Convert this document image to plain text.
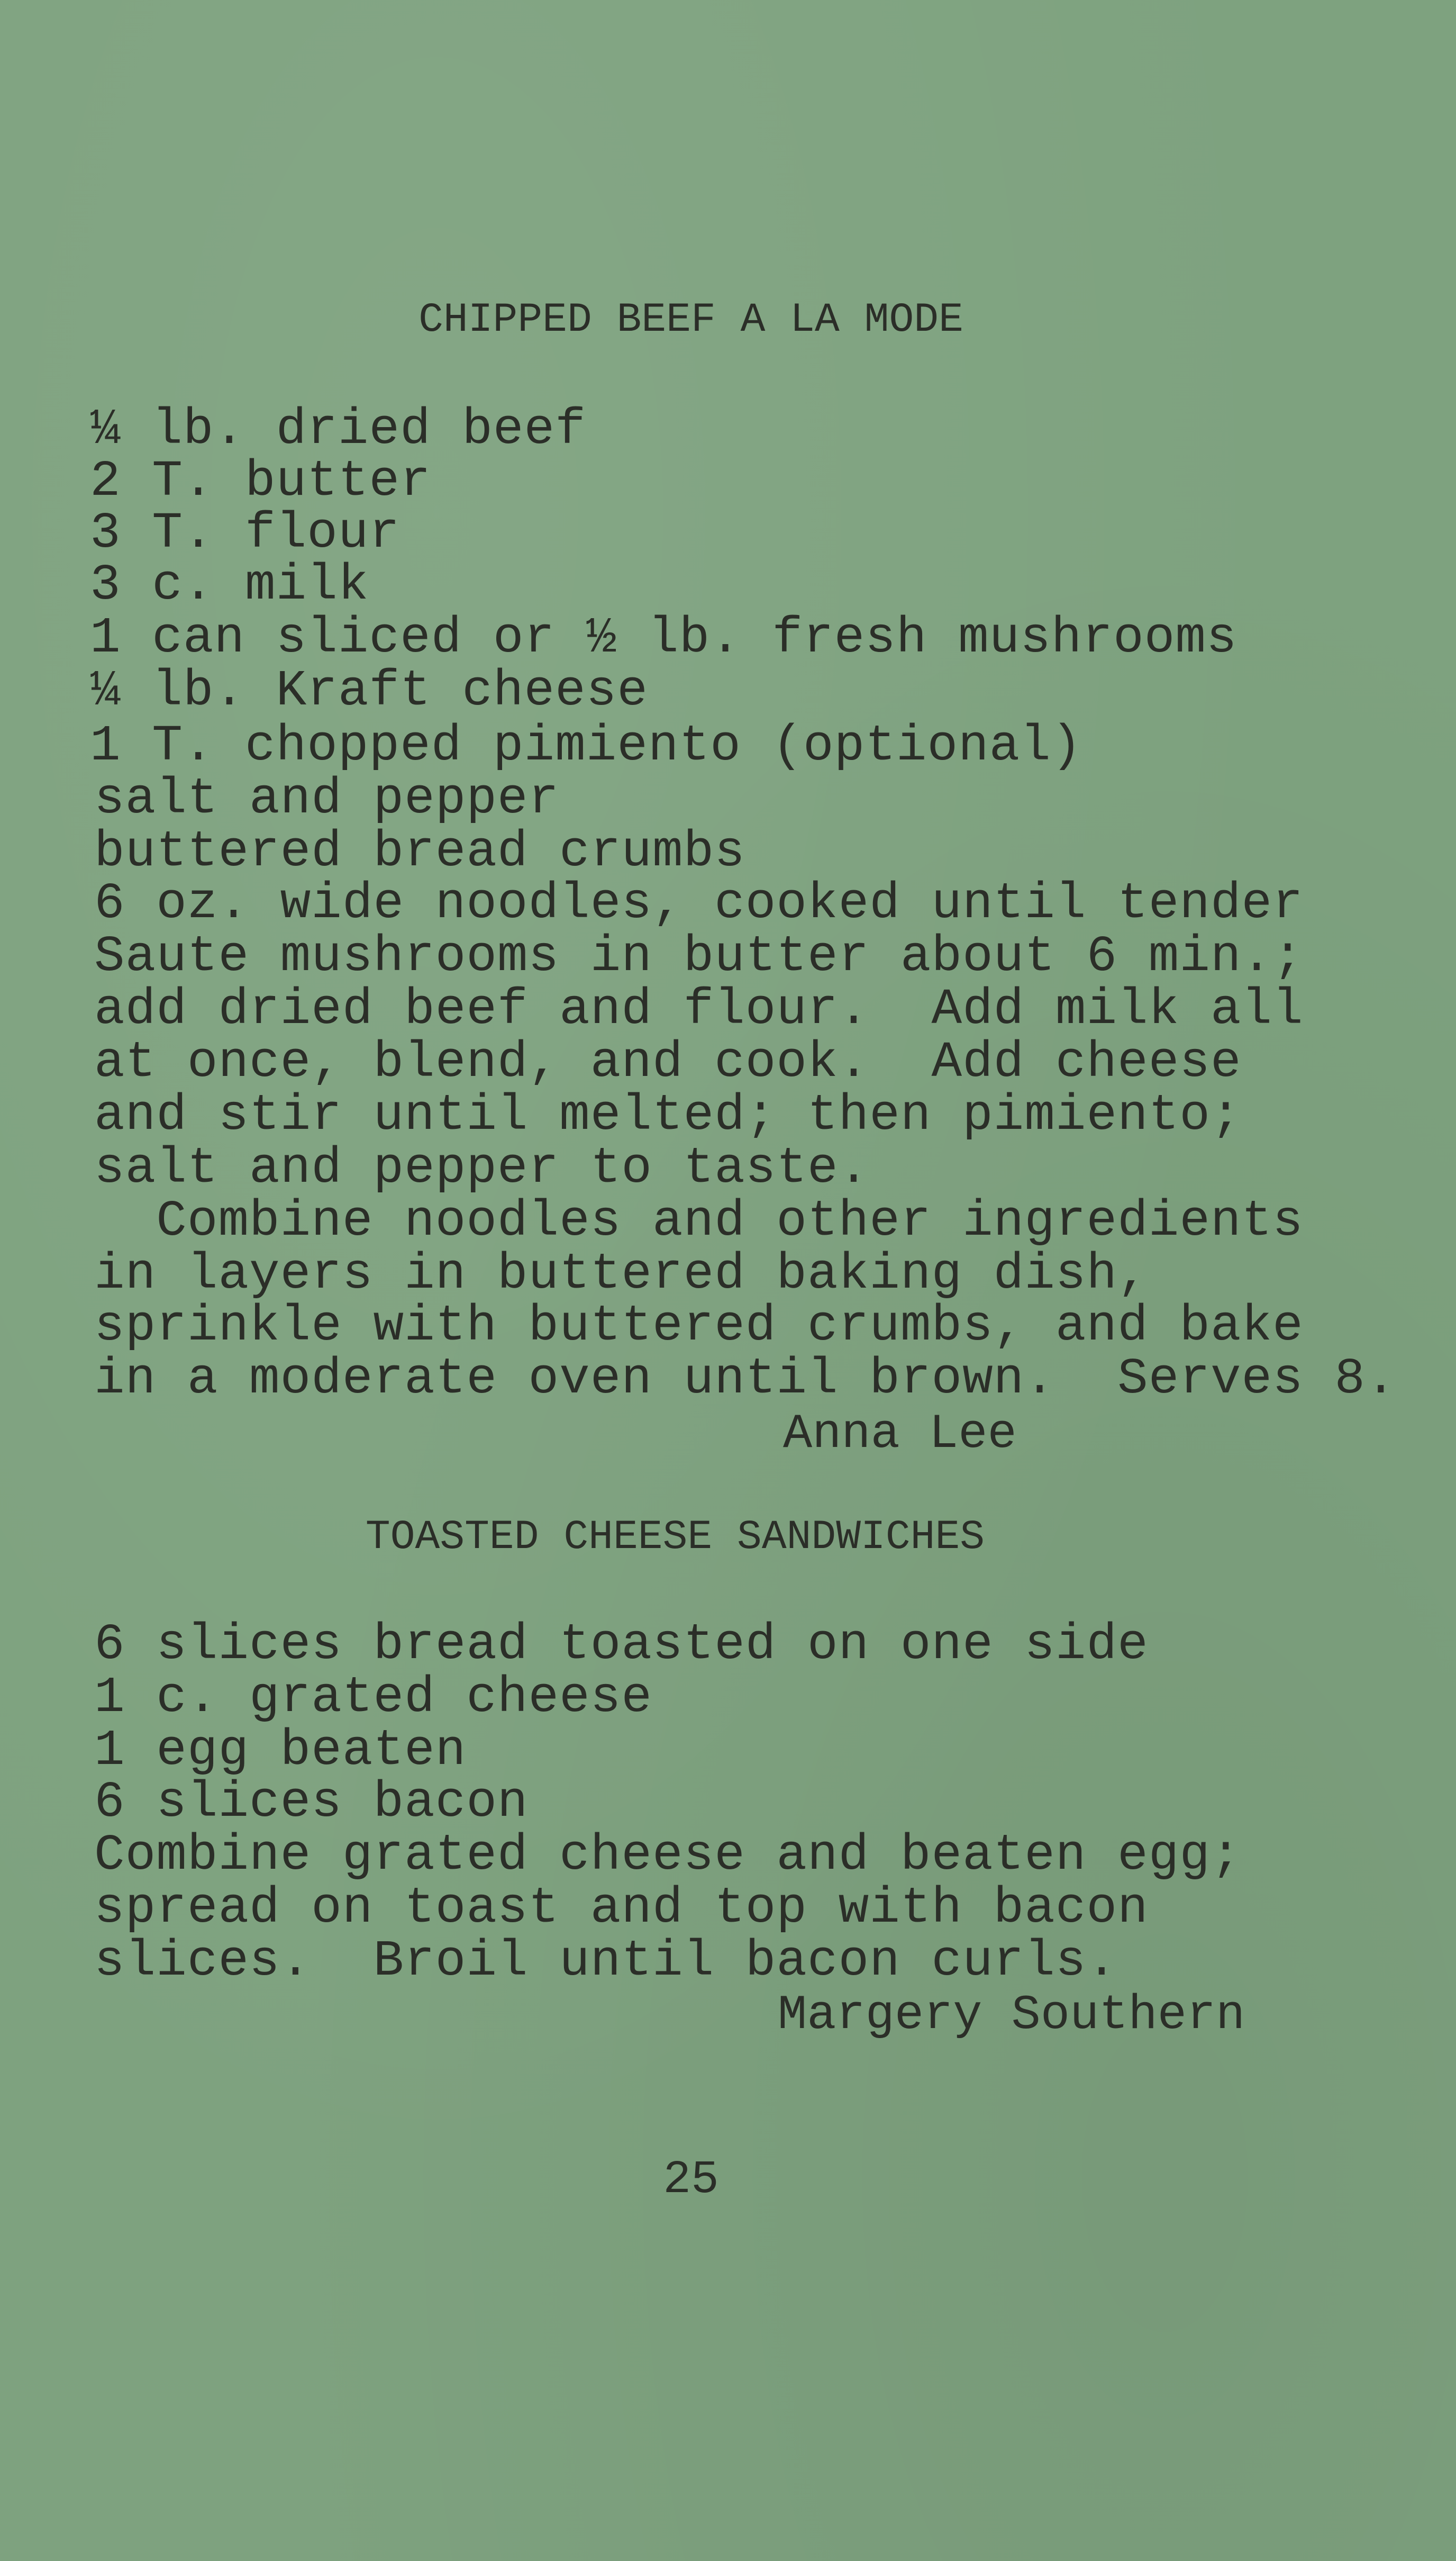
CHIPPED BEEF A LA MODE
¼ lb. dried beef
2 T. butter
3 T. flour
3 c. milk
1 can sliced or ½ lb. fresh mushrooms
¼ lb. Kraft cheese
1 T. chopped pimiento (optional)
salt and pepper
buttered bread crumbs
6 oz. wide noodles, cooked until tender
Saute mushrooms in butter about 6 min.;
add dried beef and flour.  Add milk all
at once, blend, and cook.  Add cheese
and stir until melted; then pimiento;
salt and pepper to taste.
Combine noodles and other ingredients
in layers in buttered baking dish,
sprinkle with buttered crumbs, and bake
in a moderate oven until brown.  Serves 8.
Anna Lee
TOASTED CHEESE SANDWICHES
6 slices bread toasted on one side
1 c. grated cheese
1 egg beaten
6 slices bacon
Combine grated cheese and beaten egg;
spread on toast and top with bacon
slices.  Broil until bacon curls.
Margery Southern
25
